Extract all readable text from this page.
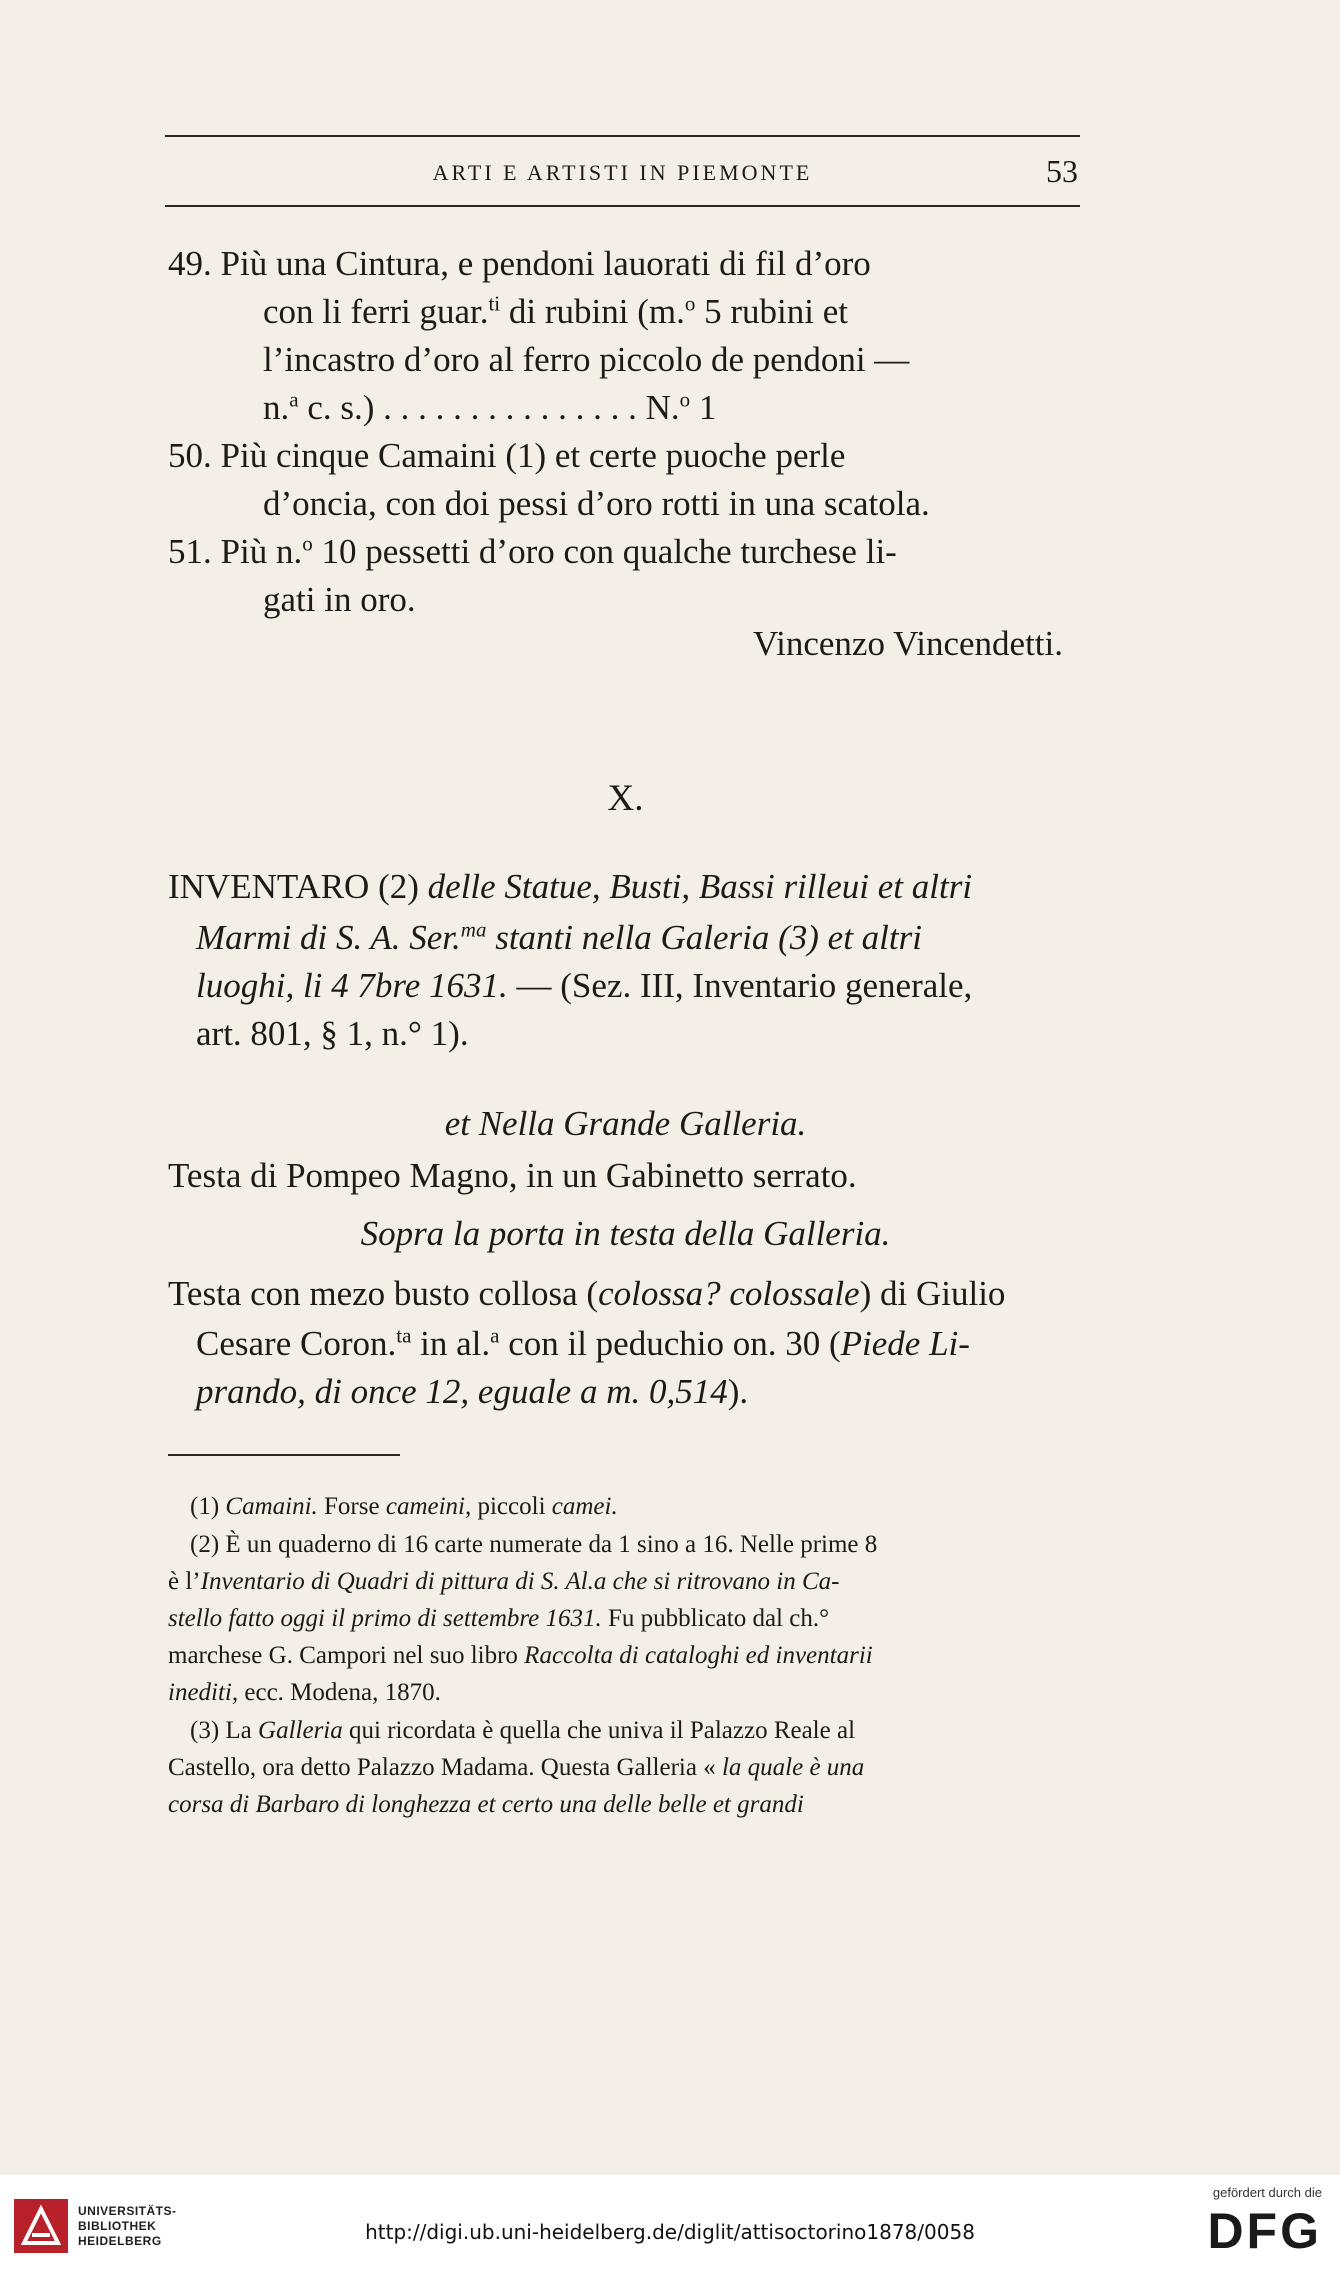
ARTI E ARTISTI IN PIEMONTE	53
49. Più una Cintura, e pendoni lauorati di fil d’oro
con li ferri guar.$^{ti}$ di rubini (m.$^o$ 5 rubini et
l’incastro d’oro al ferro piccolo de pendoni —
n.$^a$ c. s.) . . . . . . . . . . . . . . . N.$^o$ 1
50. Più cinque Camaini (1) et certe puoche perle
d’oncia, con doi pessi d’oro rotti in una scatola.
51. Più n.$^o$ 10 pessetti d’oro con qualche turchese li-
gati in oro.
Vincenzo Vincendetti.
X.
INVENTARO (2) delle Statue, Busti, Bassi rilleui et altri
Marmi di S. A. Ser.$^{ma}$ stanti nella Galeria (3) et altri
luoghi, li 4 7bre 1631. — (Sez. III, Inventario generale,
art. 801, § 1, n.° 1).
et Nella Grande Galleria.
Testa di Pompeo Magno, in un Gabinetto serrato.
Sopra la porta in testa della Galleria.
Testa con mezo busto collosa (colossa? colossale) di Giulio
Cesare Coron.$^{ta}$ in al.$^a$ con il peduchio on. 30 (Piede Li-
prando, di once 12, eguale a m. 0,514).
(1) Camaini. Forse cameini, piccoli camei.
(2) È un quaderno di 16 carte numerate da 1 sino a 16. Nelle prime 8
è l’Inventario di Quadri di pittura di S. Al.a che si ritrovano in Ca-
stello fatto oggi il primo di settembre 1631. Fu pubblicato dal ch.°
marchese G. Campori nel suo libro Raccolta di cataloghi ed inventarii
inediti, ecc. Modena, 1870.
(3) La Galleria qui ricordata è quella che univa il Palazzo Reale al
Castello, ora detto Palazzo Madama. Questa Galleria « la quale è una
corsa di Barbaro di longhezza et certo una delle belle et grandi
UNIVERSITÄTS-
BIBLIOTHEK
HEIDELBERG	http://digi.ub.uni-heidelberg.de/diglit/attisoctorino1878/0058
gefördert durch die
DFG
